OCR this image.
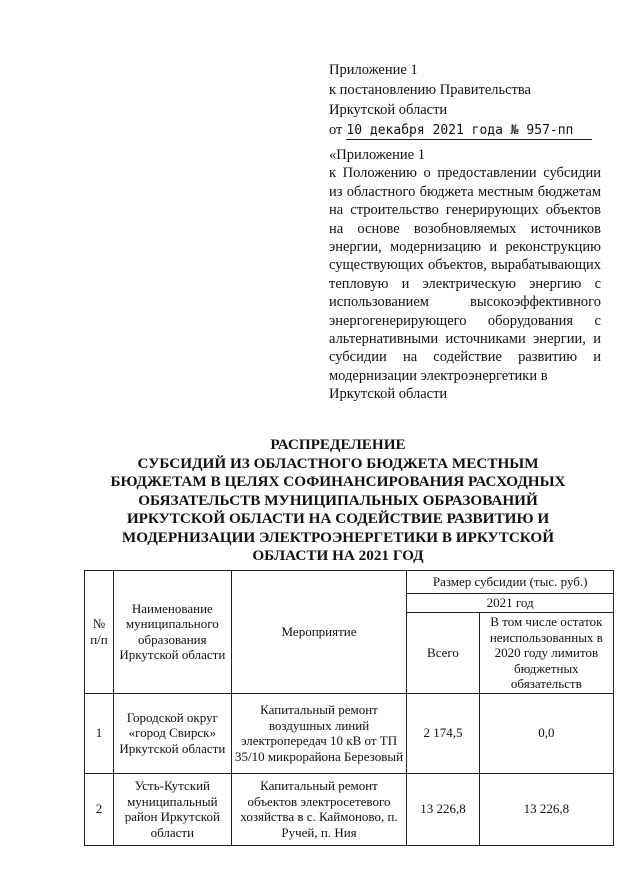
Приложение 1
к постановлению Правительства
Иркутской области
от 10 декабря 2021 года № 957-пп
«Приложение 1
к Положению о предоставлении субсидии из областного бюджета местным бюджетам на строительство генерирующих объектов на основе возобновляемых источников энергии, модернизацию и реконструкцию существующих объектов, вырабатывающих тепловую и электрическую энергию с использованием высокоэффективного энергогенерирующего оборудования с альтернативными источниками энергии, и субсидии на содействие развитию и модернизации электроэнергетики в
Иркутской области
РАСПРЕДЕЛЕНИЕ
СУБСИДИЙ ИЗ ОБЛАСТНОГО БЮДЖЕТА МЕСТНЫМ
БЮДЖЕТАМ В ЦЕЛЯХ СОФИНАНСИРОВАНИЯ РАСХОДНЫХ
ОБЯЗАТЕЛЬСТВ МУНИЦИПАЛЬНЫХ ОБРАЗОВАНИЙ
ИРКУТСКОЙ ОБЛАСТИ НА СОДЕЙСТВИЕ РАЗВИТИЮ И
МОДЕРНИЗАЦИИ ЭЛЕКТРОЭНЕРГЕТИКИ В ИРКУТСКОЙ
ОБЛАСТИ НА 2021 ГОД
№ п/п	Наименование муниципального образования Иркутской области	Мероприятие	Размер субсидии (тыс. руб.)	
			2021 год	
			Всего	В том числе остаток неиспользованных в 2020 году лимитов бюджетных обязательств
1	Городской округ «город Свирск» Иркутской области	Капитальный ремонт воздушных линий электропередач 10 кВ от ТП 35/10 микрорайона Березовый	2 174,5	0,0
2	Усть-Кутский муниципальный район Иркутской области	Капитальный ремонт объектов электросетевого хозяйства в с. Каймоново, п. Ручей, п. Ния	13 226,8	13 226,8
